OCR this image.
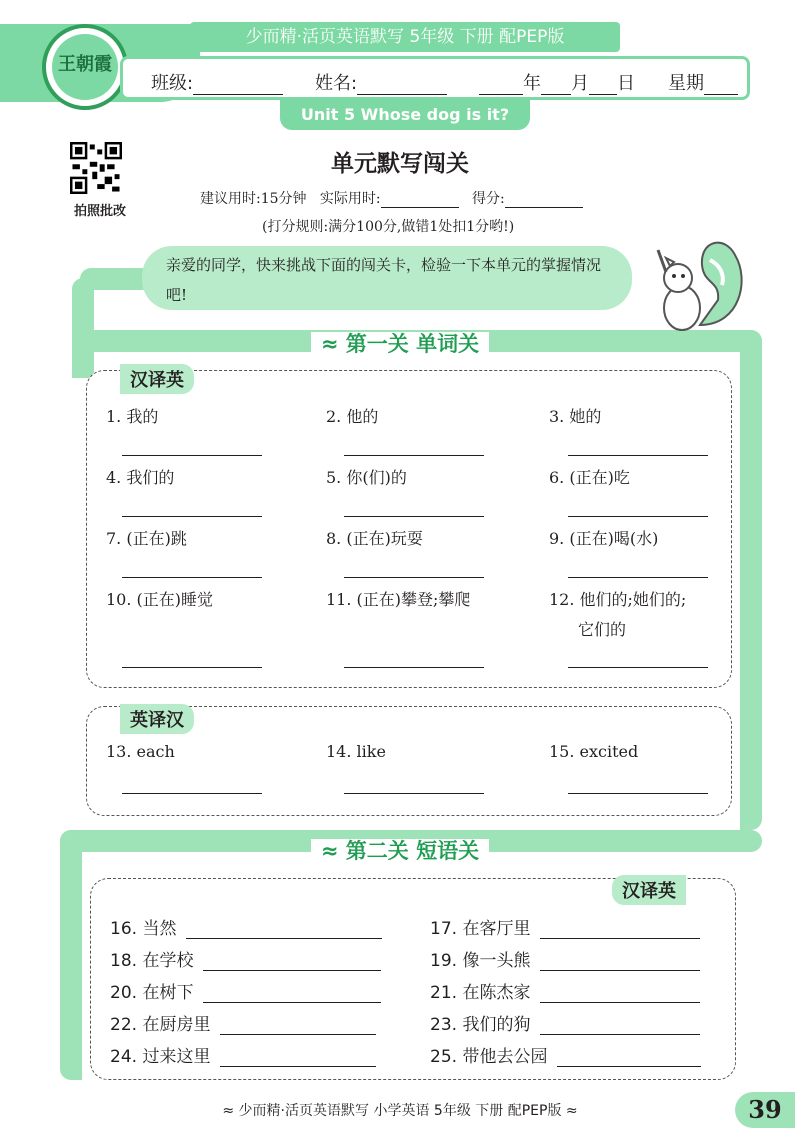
少而精·活页英语默写 5年级 下册 配PEP版
王朝霞
班级:	姓名:	年 月 日 星期
Unit 5 Whose dog is it?
拍照批改
单元默写闯关
建议用时:15分钟 实际用时:	得分:
(打分规则:满分100分,做错1处扣1分哟!)
亲爱的同学，快来挑战下面的闯关卡，检验一下本单元的掌握情况吧!
≈ 第一关 单词关
汉译英
1. 我的	2. 他的	3. 她的
4. 我们的	5. 你(们)的	6. (正在)吃
7. (正在)跳	8. (正在)玩耍	9. (正在)喝(水)
10. (正在)睡觉	11. (正在)攀登;攀爬	12. 他们的;她们的;
它们的
英译汉
13. each	14. like	15. excited
≈ 第二关 短语关
汉译英
16. 当然	17. 在客厅里
18. 在学校	19. 像一头熊
20. 在树下	21. 在陈杰家
22. 在厨房里	23. 我们的狗
24. 过来这里	25. 带他去公园
≈ 少而精·活页英语默写 小学英语 5年级 下册 配PEP版 ≈	39
